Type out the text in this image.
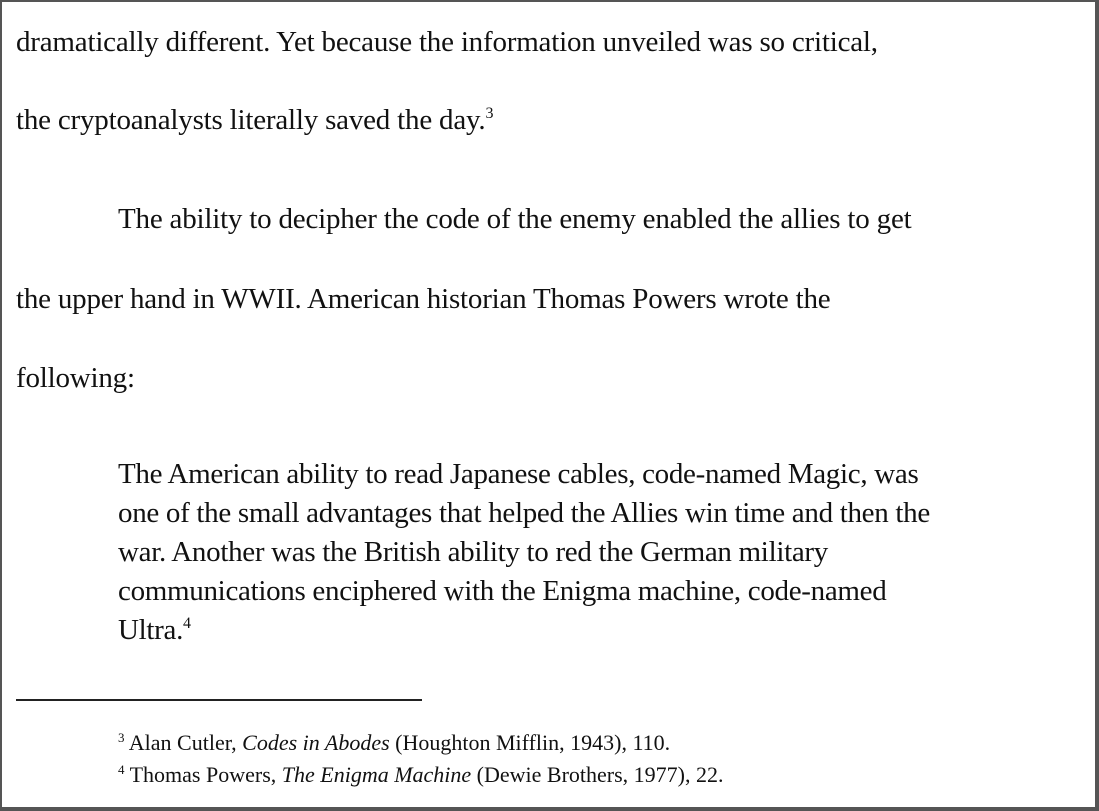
dramatically different. Yet because the information unveiled was so critical,
the cryptoanalysts literally saved the day.$^3$
The ability to decipher the code of the enemy enabled the allies to get
the upper hand in WWII. American historian Thomas Powers wrote the
following:
The American ability to read Japanese cables, code-named Magic, was
one of the small advantages that helped the Allies win time and then the
war. Another was the British ability to red the German military
communications enciphered with the Enigma machine, code-named
Ultra.$^4$
$^3$ Alan Cutler, Codes in Abodes (Houghton Mifflin, 1943), 110.
$^4$ Thomas Powers, The Enigma Machine (Dewie Brothers, 1977), 22.
